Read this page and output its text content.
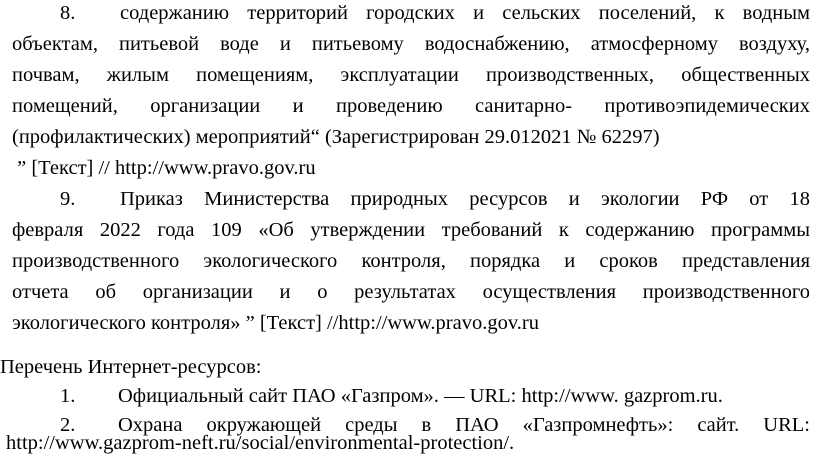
8. содержанию территорий городских и сельских поселений, к водным
объектам, питьевой воде и питьевому водоснабжению, атмосферному воздуху,
почвам, жилым помещениям, эксплуатации производственных, общественных
помещений, организации и проведению санитарно- противоэпидемических
(профилактических) мероприятий“ (Зарегистрирован 29.012021 № 62297)
” [Текст] // http://www.pravo.gov.ru
9. Приказ Министерства природных ресурсов и экологии РФ от 18
февраля 2022 года 109 «Об утверждении требований к содержанию программы
производственного экологического контроля, порядка и сроков представления
отчета об организации и о результатах осуществления производственного
экологического контроля» ” [Текст] //http://www.pravo.gov.ru
Перечень Интернет-ресурсов:
1. Официальный сайт ПАО «Газпром». — URL: http://www. gazprom.ru.
2. Охрана окружающей среды в ПАО «Газпромнефть»: сайт. URL:
http://www.gazprom-neft.ru/social/environmental-protection/.
